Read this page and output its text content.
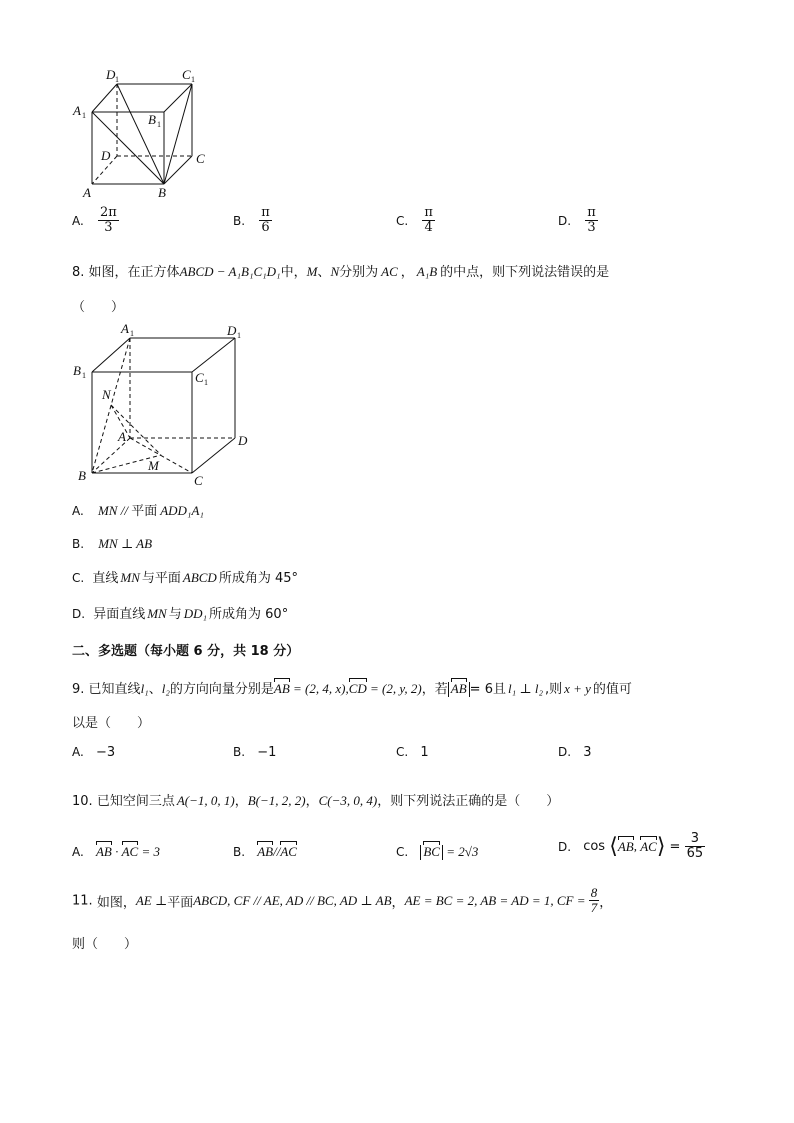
D 1	C 1
A 1	B 1
D	C
A	B
A. $\frac{2\pi}{3}$	B. $\frac{\pi}{6}$	C. $\frac{\pi}{4}$	D. $\frac{\pi}{3}$
8. 如图，在正方体ABCD − A₁B₁C₁D₁中，M、N分别为 AC ， A₁B 的中点，则下列说法错误的是
（　　）
A 1	D 1
B 1	C 1
N
A	D
M
B	C
A. MN // 平面 ADD₁A₁
B. MN ⊥ AB
C. 直线 MN 与平面 ABCD 所成角为 45°
D. 异面直线 MN 与 DD₁ 所成角为 60°
二、多选题（每小题 6 分，共 18 分）
9. 已知直线l₁、l₂的方向向量分别是AB = (2, 4, x),CD = (2, y, 2)，若 AB = 6且 l₁ ⊥ l₂ ,则 x + y 的值可
以是（　　）
A. −3	B. −1	C. 1	D. 3
10. 已知空间三点 A(−1, 0, 1)，B(−1, 2, 2)，C(−3, 0, 4)，则下列说法正确的是（　　）
A. AB · AC = 3	B. AB//AC	C. BC = 2√3	D. cos ⟨ AB, AC ⟩ = $\frac{3}{65}$
11. 如图，AE ⊥平面ABCD, CF // AE, AD // BC, AD ⊥ AB，AE = BC = 2, AB = AD = 1, CF = $\frac{8}{7}$ ，
则（　　）
